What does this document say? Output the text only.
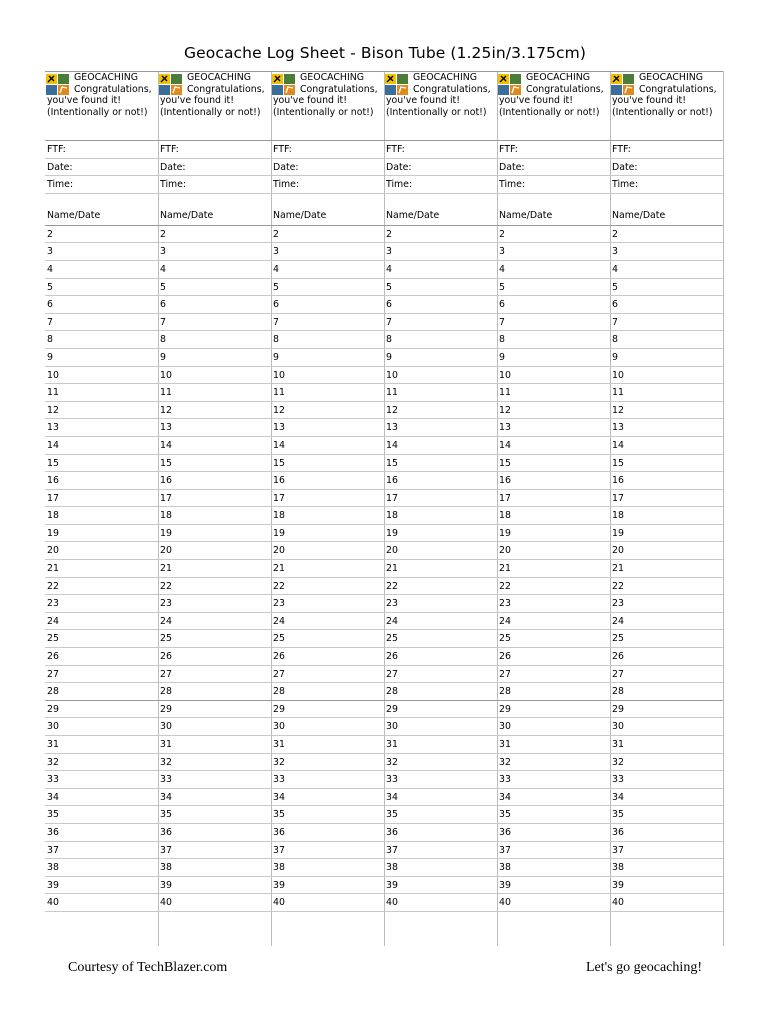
Geocache Log Sheet - Bison Tube (1.25in/3.175cm)
GEOCACHING
Congratulations,
you've found it!
(Intentionally or not!)
FTF:
Date:
Time:
Name/Date
2
3
4
5
6
7
8
9
10
11
12
13
14
15
16
17
18
19
20
21
22
23
24
25
26
27
28
29
30
31
32
33
34
35
36
37
38
39
40
GEOCACHING
Congratulations,
you've found it!
(Intentionally or not!)
FTF:
Date:
Time:
Name/Date
2
3
4
5
6
7
8
9
10
11
12
13
14
15
16
17
18
19
20
21
22
23
24
25
26
27
28
29
30
31
32
33
34
35
36
37
38
39
40
GEOCACHING
Congratulations,
you've found it!
(Intentionally or not!)
FTF:
Date:
Time:
Name/Date
2
3
4
5
6
7
8
9
10
11
12
13
14
15
16
17
18
19
20
21
22
23
24
25
26
27
28
29
30
31
32
33
34
35
36
37
38
39
40
GEOCACHING
Congratulations,
you've found it!
(Intentionally or not!)
FTF:
Date:
Time:
Name/Date
2
3
4
5
6
7
8
9
10
11
12
13
14
15
16
17
18
19
20
21
22
23
24
25
26
27
28
29
30
31
32
33
34
35
36
37
38
39
40
GEOCACHING
Congratulations,
you've found it!
(Intentionally or not!)
FTF:
Date:
Time:
Name/Date
2
3
4
5
6
7
8
9
10
11
12
13
14
15
16
17
18
19
20
21
22
23
24
25
26
27
28
29
30
31
32
33
34
35
36
37
38
39
40
GEOCACHING
Congratulations,
you've found it!
(Intentionally or not!)
FTF:
Date:
Time:
Name/Date
2
3
4
5
6
7
8
9
10
11
12
13
14
15
16
17
18
19
20
21
22
23
24
25
26
27
28
29
30
31
32
33
34
35
36
37
38
39
40
Courtesy of TechBlazer.com	Let's go geocaching!
